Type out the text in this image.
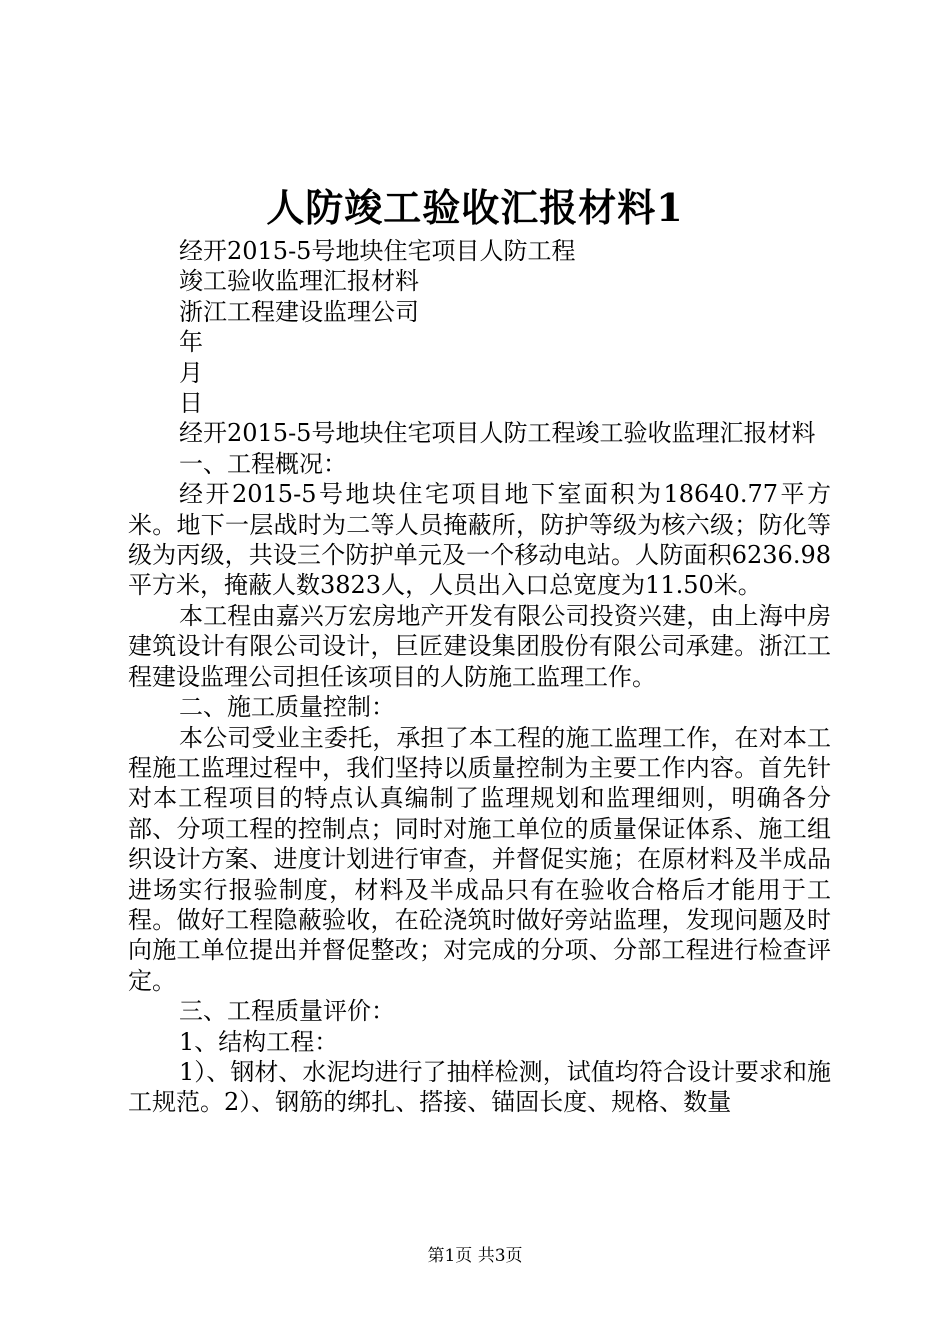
人防竣工验收汇报材料1
经开2015-5号地块住宅项目人防工程
竣工验收监理汇报材料
浙江工程建设监理公司
年
月
日
经开2015-5号地块住宅项目人防工程竣工验收监理汇报材料
一、工程概况：
经开2015-5号地块住宅项目地下室面积为18640.77平方米。地下一层战时为二等人员掩蔽所，防护等级为核六级；防化等级为丙级，共设三个防护单元及一个移动电站。人防面积6236.98平方米，掩蔽人数3823人，人员出入口总宽度为11.50米。
本工程由嘉兴万宏房地产开发有限公司投资兴建，由上海中房建筑设计有限公司设计，巨匠建设集团股份有限公司承建。浙江工程建设监理公司担任该项目的人防施工监理工作。
二、施工质量控制：
本公司受业主委托，承担了本工程的施工监理工作，在对本工程施工监理过程中，我们坚持以质量控制为主要工作内容。首先针对本工程项目的特点认真编制了监理规划和监理细则，明确各分部、分项工程的控制点；同时对施工单位的质量保证体系、施工组织设计方案、进度计划进行审查，并督促实施；在原材料及半成品进场实行报验制度，材料及半成品只有在验收合格后才能用于工程。做好工程隐蔽验收，在砼浇筑时做好旁站监理，发现问题及时向施工单位提出并督促整改；对完成的分项、分部工程进行检查评定。
三、工程质量评价：
1、结构工程：
1）、钢材、水泥均进行了抽样检测，试值均符合设计要求和施工规范。2）、钢筋的绑扎、搭接、锚固长度、规格、数量
第1页 共3页
